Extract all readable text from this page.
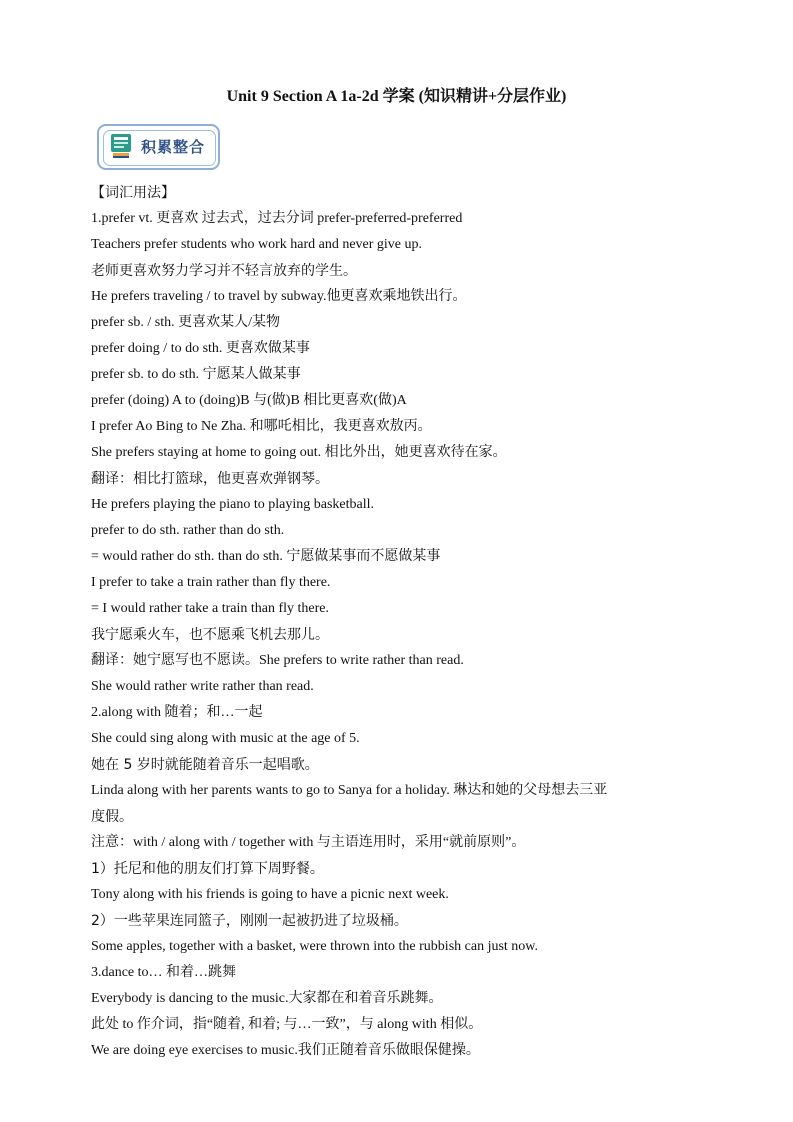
Unit 9 Section A 1a-2d 学案 (知识精讲+分层作业)
积累整合
【词汇用法】
1.prefer vt. 更喜欢 过去式，过去分词 prefer-preferred-preferred
Teachers prefer students who work hard and never give up.
老师更喜欢努力学习并不轻言放弃的学生。
He prefers traveling / to travel by subway.他更喜欢乘地铁出行。
prefer sb. / sth. 更喜欢某人/某物
prefer doing / to do sth. 更喜欢做某事
prefer sb. to do sth. 宁愿某人做某事
prefer (doing) A to (doing)B 与(做)B 相比更喜欢(做)A
I prefer Ao Bing to Ne Zha. 和哪吒相比，我更喜欢敖丙。
She prefers staying at home to going out. 相比外出，她更喜欢待在家。
翻译：相比打篮球，他更喜欢弹钢琴。
He prefers playing the piano to playing basketball.
prefer to do sth. rather than do sth.
= would rather do sth. than do sth. 宁愿做某事而不愿做某事
I prefer to take a train rather than fly there.
= I would rather take a train than fly there.
我宁愿乘火车，也不愿乘飞机去那儿。
翻译：她宁愿写也不愿读。She prefers to write rather than read.
She would rather write rather than read.
2.along with 随着；和…一起
She could sing along with music at the age of 5.
她在 5 岁时就能随着音乐一起唱歌。
Linda along with her parents wants to go to Sanya for a holiday. 琳达和她的父母想去三亚
度假。
注意：with / along with / together with 与主语连用时，采用“就前原则”。
1）托尼和他的朋友们打算下周野餐。
Tony along with his friends is going to have a picnic next week.
2）一些苹果连同篮子，刚刚一起被扔进了垃圾桶。
Some apples, together with a basket, were thrown into the rubbish can just now.
3.dance to… 和着…跳舞
Everybody is dancing to the music.大家都在和着音乐跳舞。
此处 to 作介词，指“随着, 和着; 与…一致”，与 along with 相似。
We are doing eye exercises to music.我们正随着音乐做眼保健操。
